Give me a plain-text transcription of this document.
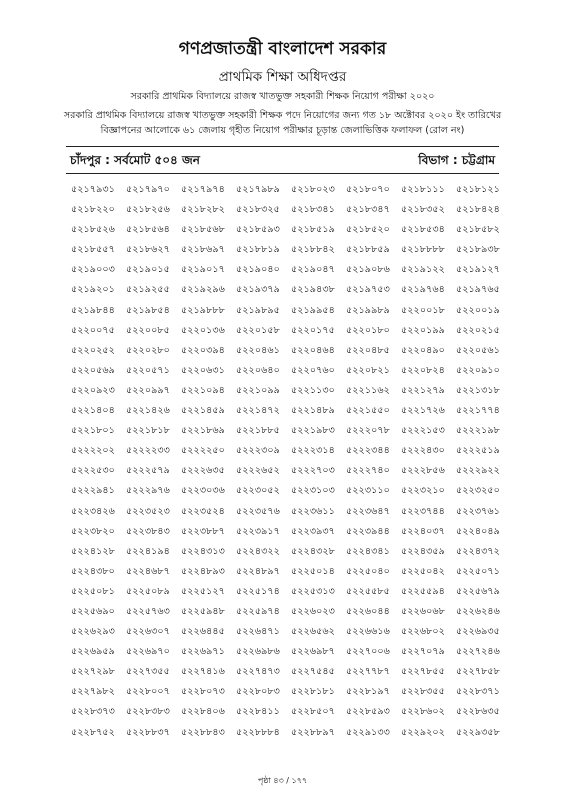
গণপ্রজাতন্ত্রী বাংলাদেশ সরকার
প্রাথমিক শিক্ষা অধিদপ্তর
সরকারি প্রাথমিক বিদ্যালয়ে রাজস্ব খাতভুক্ত সহকারী শিক্ষক নিয়োগ পরীক্ষা ২০২০
সরকারি প্রাথমিক বিদ্যালয়ে রাজস্ব খাতভুক্ত সহকারী শিক্ষক পদে নিয়োগের জন্য গত ১৮ অক্টোবর ২০২০ ইং তারিখের
বিজ্ঞাপনের আলোকে ৬১ জেলায় গৃহীত নিয়োগ পরীক্ষার চূড়ান্ত জেলাভিত্তিক ফলাফল (রোল নং)
চাঁদপুর : সর্বমোট ৫০৪ জন	বিভাগ : চট্টগ্রাম
৫২১৭৯৩১	৫২১৭৯৭০	৫২১৭৯৭৪	৫২১৭৯৮৯	৫২১৮০২৩	৫২১৮০৭০	৫২১৮১১১	৫২১৮১২১
৫২১৮২২০	৫২১৮২৫৬	৫২১৮২৮২	৫২১৮৩২৫	৫২১৮৩৪১	৫২১৮৩৪৭	৫২১৮৩৫২	৫২১৮৪২৪
৫২১৮৫২৬	৫২১৮৫৬৪	৫২১৮৫৬৮	৫২১৮৫৯৩	৫২১৮৫১৯	৫২১৮৫২০	৫২১৮৫৩৪	৫২১৮৫৮২
৫২১৮৫৫৭	৫২১৮৬২৭	৫২১৮৬৯৭	৫২১৮৮১৯	৫২১৮৮৪২	৫২১৮৮৫৯	৫২১৮৮৮৮	৫২১৮৯৩৮
৫২১৯০০৩	৫২১৯০১৫	৫২১৯০১৭	৫২১৯০৪০	৫২১৯০৪৭	৫২১৯০৮৬	৫২১৯১২২	৫২১৯১২৭
৫২১৯২০১	৫২১৯২৫৫	৫২১৯২৯৬	৫২১৯৩৭৯	৫২১৯৪৩৮	৫২১৯৭৫৩	৫২১৯৭৬৪	৫২১৯৭৬৫
৫২১৯৮৪৪	৫২১৯৮৫৪	৫২১৯৮৮৮	৫২১৯৮৯৫	৫২১৯৯৫৪	৫২১৯৯৮৯	৫২২০০১৮	৫২২০০১৯
৫২২০০৭৫	৫২২০০৮৫	৫২২০১৩৬	৫২২০১৫৮	৫২২০১৭৫	৫২২০১৮০	৫২২০১৯৯	৫২২০২১৫
৫২২০২৫২	৫২২০২৮০	৫২২০৩৯৪	৫২২০৪৬১	৫২২০৪৬৪	৫২২০৪৮৫	৫২২০৪৯০	৫২২০৫৬১
৫২২০৫৬৯	৫২২০৫৭১	৫২২০৬৩১	৫২২০৬৪০	৫২২০৭৬০	৫২২০৮২১	৫২২০৮২৪	৫২২০৯১০
৫২২০৯২৩	৫২২০৯৯৭	৫২২১০৯৪	৫২২১০৯৯	৫২২১১৩০	৫২২১১৬২	৫২২১২৭৯	৫২২১৩১৮
৫২২১৪০৪	৫২২১৪২৬	৫২২১৪৫৯	৫২২১৪৭২	৫২২১৪৮৯	৫২২১৫৫০	৫২২১৭২৬	৫২২১৭৭৪
৫২২১৮০১	৫২২১৮১৮	৫২২১৮৬৯	৫২২১৮৮৫	৫২২১৯৮৩	৫২২২০৭৮	৫২২২১৫৩	৫২২২১৯৮
৫২২২২০২	৫২২২২৩৩	৫২২২২৫০	৫২২২৩০৯	৫২২২৩১৪	৫২২২৩৪৪	৫২২২৪৩০	৫২২২৫১৯
৫২২২৫৩০	৫২২২৫৭৯	৫২২২৬৩৫	৫২২২৬৫২	৫২২২৭০৩	৫২২২৭৪০	৫২২২৮৫৬	৫২২২৯২২
৫২২২৯৪১	৫২২২৯৭৬	৫২২৩০৩৬	৫২২৩০৫২	৫২২৩১০৩	৫২২৩১১০	৫২২৩২১০	৫২২৩২৫০
৫২২৩৪২৬	৫২২৩৫২৩	৫২২৩৫২৪	৫২২৩৫৭৬	৫২২৩৬১১	৫২২৩৬৪৭	৫২২৩৭৪৪	৫২২৩৭৬১
৫২২৩৮২০	৫২২৩৮৪৩	৫২২৩৮৮৭	৫২২৩৯১৭	৫২২৩৯৩৭	৫২২৩৯৪৪	৫২২৪০৩৭	৫২২৪০৪৯
৫২২৪১২৮	৫২২৪১৯৪	৫২২৪৩১৩	৫২২৪৩২২	৫২২৪৩২৮	৫২২৪৩৪১	৫২২৪৩৫৯	৫২২৪৩৭২
৫২২৪৩৮০	৫২২৪৬৮৭	৫২২৪৮৯৩	৫২২৪৮৯৭	৫২২৫০১৪	৫২২৫০৪০	৫২২৫০৪২	৫২২৫০৭১
৫২২৫০৮১	৫২২৫০৮৯	৫২২৫১২৭	৫২২৫১৭৪	৫২২৫৩১৩	৫২২৫৫৮৫	৫২২৫৫৯৪	৫২২৫৬৭৯
৫২২৫৬৯০	৫২২৫৭৬৩	৫২২৫৯৪৮	৫২২৫৯৭৪	৫২২৬০২৩	৫২২৬০৪৪	৫২২৬০৬৮	৫২২৬২৪৬
৫২২৬২৯৩	৫২২৬৩০৭	৫২২৬৪৪৫	৫২২৬৪৭১	৫২২৬৫৬২	৫২২৬৬১৬	৫২২৬৮০২	৫২২৬৯৩৫
৫২২৬৯৫৯	৫২২৬৯৭০	৫২২৬৯৭১	৫২২৬৯৮৬	৫২২৬৯৮৭	৫২২৭০০৬	৫২২৭০৭৯	৫২২৭২৪৬
৫২২৭২৯৮	৫২২৭৩৫৫	৫২২৭৪১৬	৫২২৭৪৭৩	৫২২৭৫৪৫	৫২২৭৭৮৭	৫২২৭৮৫৫	৫২২৭৮৫৮
৫২২৭৯৮২	৫২২৮০০৭	৫২২৮০৭৩	৫২২৮০৮৩	৫২২৮১৮১	৫২২৮১৯৭	৫২২৮৩৫৫	৫২২৮৩৭১
৫২২৮৩৭৩	৫২২৮৩৮৩	৫২২৮৪০৬	৫২২৮৪১১	৫২২৮৫০৭	৫২২৮৫৯৩	৫২২৮৬০২	৫২২৮৬৩৫
৫২২৮৭৫২	৫২২৮৮৩৭	৫২২৮৮৪৩	৫২২৮৮৮৪	৫২২৮৮৯৭	৫২২৯১৩৩	৫২২৯২০২	৫২২৯৩৫৮
পৃষ্ঠা ৪৩ / ১৭৭
